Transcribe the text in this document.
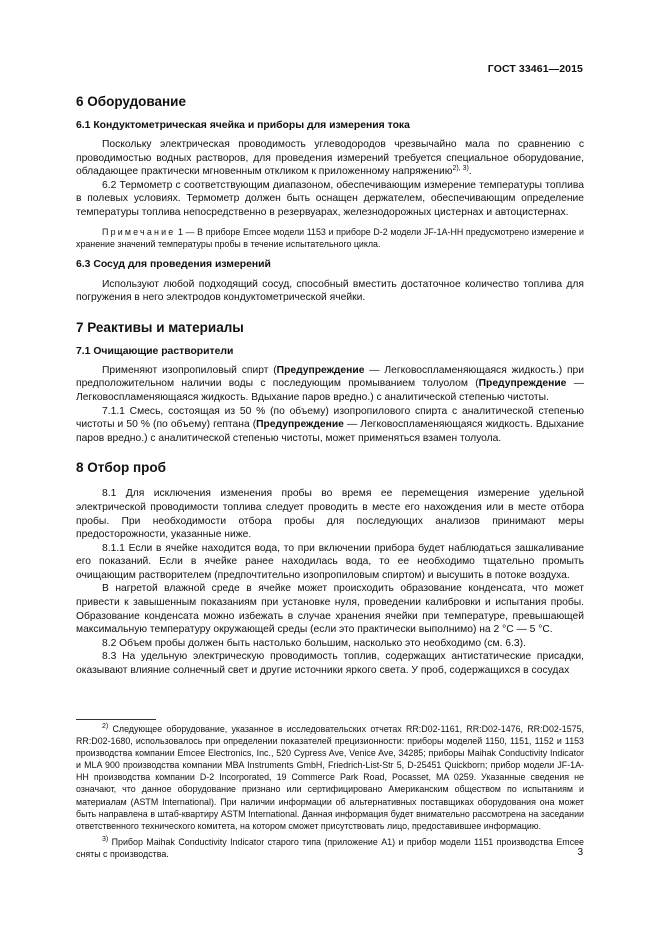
ГОСТ 33461—2015
6 Оборудование
6.1 Кондуктометрическая ячейка и приборы для измерения тока

Поскольку электрическая проводимость углеводородов чрезвычайно мала по сравнению с проводимостью водных растворов, для проведения измерений требуется специальное оборудование, обладающее практически мгновенным откликом к приложенному напряжению$^{2), 3)}$.

6.2 Термометр с соответствующим диапазоном, обеспечивающим измерение температуры топлива в полевых условиях. Термометр должен быть оснащен держателем, обеспечивающим определение температуры топлива непосредственно в резервуарах, железнодорожных цистернах и автоцистернах.

Примечание 1 — В приборе Emcee модели 1153 и приборе D-2 модели JF-1A-HH предусмотрено измерение и хранение значений температуры пробы в течение испытательного цикла.

6.3 Сосуд для проведения измерений

Используют любой подходящий сосуд, способный вместить достаточное количество топлива для погружения в него электродов кондуктометрической ячейки.

7 Реактивы и материалы
7.1 Очищающие растворители

Применяют изопропиловый спирт (Предупреждение — Легковоспламеняющаяся жидкость.) при предположительном наличии воды с последующим промыванием толуолом (Предупреждение — Легковоспламеняющаяся жидкость. Вдыхание паров вредно.) с аналитической степенью чистоты.

7.1.1 Смесь, состоящая из 50 % (по объему) изопропилового спирта с аналитической степенью чистоты и 50 % (по объему) гептана (Предупреждение — Легковоспламеняющаяся жидкость. Вдыхание паров вредно.) с аналитической степенью чистоты, может применяться взамен толуола.

8 Отбор проб

8.1 Для исключения изменения пробы во время ее перемещения измерение удельной электрической проводимости топлива следует проводить в месте его нахождения или в месте отбора пробы. При необходимости отбора пробы для последующих анализов принимают меры предосторожности, указанные ниже.

8.1.1 Если в ячейке находится вода, то при включении прибора будет наблюдаться зашкаливание его показаний. Если в ячейке ранее находилась вода, то ее необходимо тщательно промыть очищающим растворителем (предпочтительно изопропиловым спиртом) и высушить в потоке воздуха.

В нагретой влажной среде в ячейке может происходить образование конденсата, что может привести к завышенным показаниям при установке нуля, проведении калибровки и испытания пробы. Образование конденсата можно избежать в случае хранения ячейки при температуре, превышающей максимальную температуру окружающей среды (если это практически выполнимо) на 2 °C — 5 °C.

8.2 Объем пробы должен быть настолько большим, насколько это необходимо (см. 6.3).

8.3 На удельную электрическую проводимость топлив, содержащих антистатические присадки, оказывают влияние солнечный свет и другие источники яркого света. У проб, содержащихся в сосудах

$^{2)}$ Следующее оборудование, указанное в исследовательских отчетах RR:D02-1161, RR:D02-1476, RR:D02-1575, RR:D02-1680, использовалось при определении показателей прецизионности: приборы моделей 1150, 1151, 1152 и 1153 производства компании Emcee Electronics, Inc., 520 Cypress Ave, Venice Ave, 34285; приборы Maihak Conductivity Indicator и MLA 900 производства компании MBA Instruments GmbH, Friedrich-List-Str 5, D-25451 Quickborn; прибор модели JF-1A-HH производства компании D-2 Incorporated, 19 Commerce Park Road, Pocasset, MA 0259. Указанные сведения не означают, что данное оборудование признано или сертифицировано Американским обществом по испытаниям и материалам (ASTM International). При наличии информации об альтернативных поставщиках оборудования она может быть направлена в штаб-квартиру ASTM International. Данная информация будет внимательно рассмотрена на заседании ответственного технического комитета, на котором сможет присутствовать лицо, предоставившее информацию.

$^{3)}$ Прибор Maihak Conductivity Indicator старого типа (приложение А1) и прибор модели 1151 производства Emcee сняты с производства.	3
